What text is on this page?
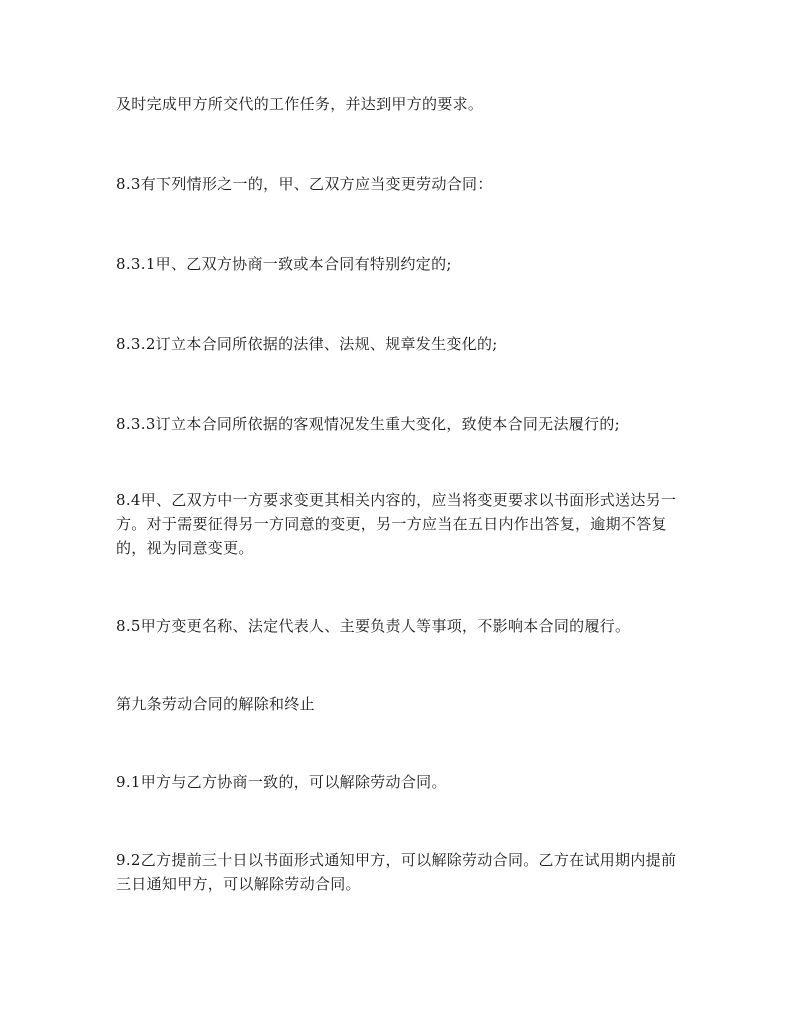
及时完成甲方所交代的工作任务，并达到甲方的要求。

8.3有下列情形之一的，甲、乙双方应当变更劳动合同：

8.3.1甲、乙双方协商一致或本合同有特别约定的;

8.3.2订立本合同所依据的法律、法规、规章发生变化的;

8.3.3订立本合同所依据的客观情况发生重大变化，致使本合同无法履行的;

8.4甲、乙双方中一方要求变更其相关内容的，应当将变更要求以书面形式送达另一方。对于需要征得另一方同意的变更，另一方应当在五日内作出答复，逾期不答复的，视为同意变更。

8.5甲方变更名称、法定代表人、主要负责人等事项，不影响本合同的履行。

第九条劳动合同的解除和终止

9.1甲方与乙方协商一致的，可以解除劳动合同。

9.2乙方提前三十日以书面形式通知甲方，可以解除劳动合同。乙方在试用期内提前三日通知甲方，可以解除劳动合同。
